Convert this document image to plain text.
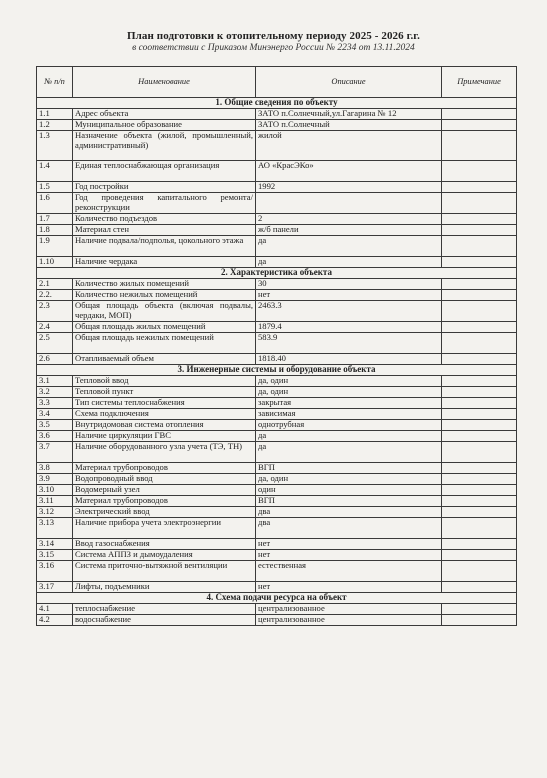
План подготовки к отопительному периоду 2025 - 2026 г.г.
в соответствии с Приказом Минэнерго России № 2234 от 13.11.2024
№ п/п	Наименование	Описание	Примечание
1. Общие сведения по объекту			
1.1	Адрес объекта	ЗАТО п.Солнечный,ул.Гагарина № 12	
1.2	Муниципальное образование	ЗАТО п.Солнечный	
1.3	Назначение объекта (жилой, промышленный, административный)	жилой	
1.4	Единая теплоснабжающая организация	АО «КрасЭКо»	
1.5	Год постройки	1992	
1.6	Год проведения капитального ремонта/реконструкции		
1.7	Количество подъездов	2	
1.8	Материал стен	ж/б панели	
1.9	Наличие подвала/подполья, цокольного этажа	да	
1.10	Наличие чердака	да	
2. Характеристика объекта			
2.1	Количество жилых помещений	30	
2.2.	Количество нежилых помещений	нет	
2.3	Общая площадь объекта (включая подвалы, чердаки, МОП)	2463.3	
2.4	Общая площадь жилых помещений	1879.4	
2.5	Общая площадь нежилых помещений	583.9	
2.6	Отапливаемый объем	1818.40	
3. Инженерные системы и оборудование объекта			
3.1	Тепловой ввод	да, один	
3.2	Тепловой пункт	да, один	
3.3	Тип системы теплоснабжения	закрытая	
3.4	Схема подключения	зависимая	
3.5	Внутридомовая система отопления	однотрубная	
3.6	Наличие циркуляции ГВС	да	
3.7	Наличие оборудованного узла учета (ТЭ, ТН)	да	
3.8	Материал трубопроводов	ВГП	
3.9	Водопроводный ввод	да, один	
3.10	Водомерный узел	один	
3.11	Материал трубопроводов	ВГП	
3.12	Электрический ввод	два	
3.13	Наличие прибора учета электроэнергии	два	
3.14	Ввод газоснабжения	нет	
3.15	Система АППЗ и дымоудаления	нет	
3.16	Система приточно-вытяжной вентиляции	естественная	
3.17	Лифты, подъемники	нет	
4. Схема подачи ресурса на объект			
4.1	теплоснабжение	централизованное	
4.2	водоснабжение	централизованное	
